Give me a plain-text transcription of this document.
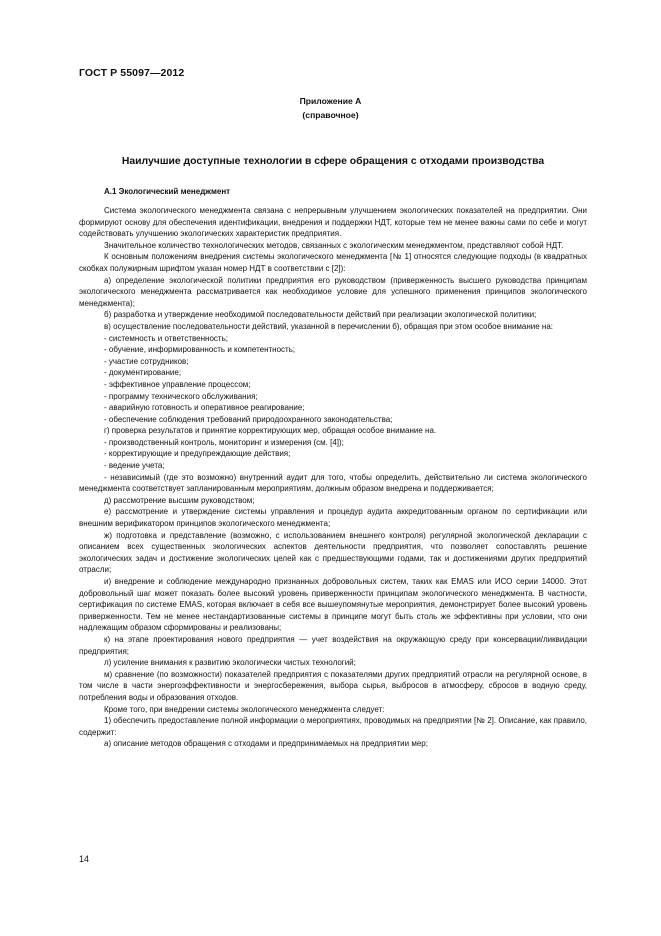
ГОСТ Р 55097—2012
Приложение А
(справочное)
Наилучшие доступные технологии в сфере обращения с отходами производства
А.1 Экологический менеджмент

Система экологического менеджмента связана с непрерывным улучшением экологических показателей на предприятии. Они формируют основу для обеспечения идентификации, внедрения и поддержки НДТ, которые тем не менее важны сами по себе и могут содействовать улучшению экологических характеристик предприятия.

Значительное количество технологических методов, связанных с экологическим менеджментом, представляют собой НДТ.

К основным положениям внедрения системы экологического менеджмента [№ 1] относятся следующие подходы (в квадратных скобках полужирным шрифтом указан номер НДТ в соответствии с [2]):

а) определение экологической политики предприятия его руководством (приверженность высшего руководства принципам экологического менеджмента рассматривается как необходимое условие для успешного применения принципов экологического менеджмента);

б) разработка и утверждение необходимой последовательности действий при реализации экологической политики;

в) осуществление последовательности действий, указанной в перечислении б), обращая при этом особое внимание на:

- системность и ответственность;

- обучение, информированность и компетентность;

- участие сотрудников;

- документирование;

- эффективное управление процессом;

- программу технического обслуживания;

- аварийную готовность и оперативное реагирование;

- обеспечение соблюдения требований природоохранного законодательства;

г) проверка результатов и принятие корректирующих мер, обращая особое внимание на.

- производственный контроль, мониторинг и измерения (см. [4]);

- корректирующие и предупреждающие действия;

- ведение учета;

- независимый (где это возможно) внутренний аудит для того, чтобы определить, действительно ли система экологического менеджмента соответствует запланированным мероприятиям, должным образом внедрена и поддерживается;

д) рассмотрение высшим руководством;

е) рассмотрение и утверждение системы управления и процедур аудита аккредитованным органом по сертификации или внешним верификатором принципов экологического менеджмента;

ж) подготовка и представление (возможно, с использованием внешнего контроля) регулярной экологической декларации с описанием всех существенных экологических аспектов деятельности предприятия, что позволяет сопоставлять решение экологических задач и достижение экологических целей как с предшествующими годами, так и достижениями других предприятий отрасли;

и) внедрение и соблюдение международно признанных добровольных систем, таких как EMAS или ИСО серии 14000. Этот добровольный шаг может показать более высокий уровень приверженности принципам экологического менеджмента. В частности, сертификация по системе EMAS, которая включает в себя все вышеупомянутые мероприятия, демонстрирует более высокий уровень приверженности. Тем не менее нестандартизованные системы в принципе могут быть столь же эффективны при условии, что они надлежащим образом сформированы и реализованы;

к) на этапе проектирования нового предприятия — учет воздействия на окружающую среду при консервации/ликвидации предприятия;

л) усиление внимания к развитию экологически чистых технологий;

м) сравнение (по возможности) показателей предприятия с показателями других предприятий отрасли на регулярной основе, в том числе в части энергоэффективности и энергосбережения, выбора сырья, выбросов в атмосферу, сбросов в водную среду, потребления воды и образования отходов.

Кроме того, при внедрении системы экологического менеджмента следует:

1) обеспечить предоставление полной информации о мероприятиях, проводимых на предприятии [№ 2]. Описание, как правило, содержит:

а) описание методов обращения с отходами и предпринимаемых на предприятии мер;

14
